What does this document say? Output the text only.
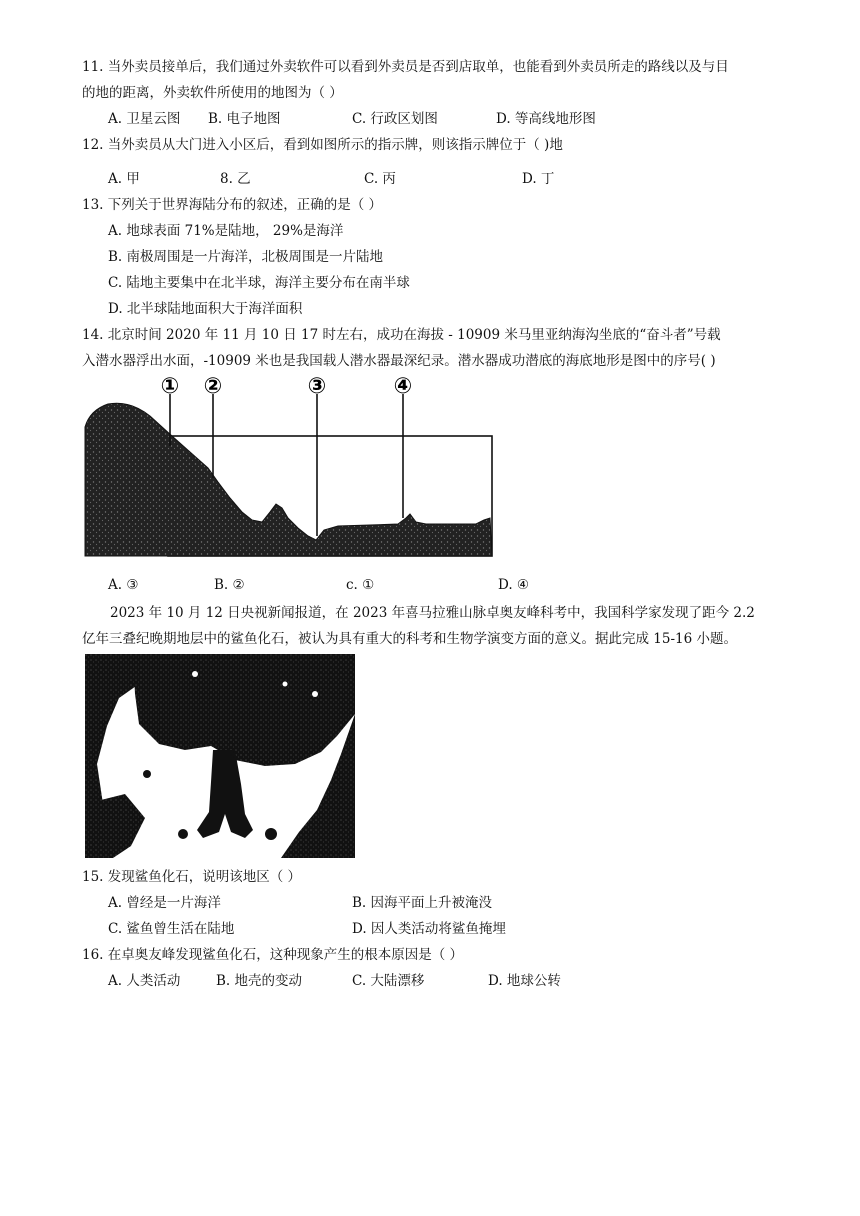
11. 当外卖员接单后，我们通过外卖软件可以看到外卖员是否到店取单，也能看到外卖员所走的路线以及与目
的地的距离，外卖软件所使用的地图为（ ）
A. 卫星云图 B. 电子地图	C. 行政区划图	D. 等高线地形图
12. 当外卖员从大门进入小区后，看到如图所示的指示牌，则该指示牌位于（ )地
A. 甲	8. 乙	C. 丙	D. 丁
13. 下列关于世界海陆分布的叙述，正确的是（ ）
A. 地球表面 71%是陆地， 29%是海洋
B. 南极周围是一片海洋，北极周围是一片陆地
C. 陆地主要集中在北半球，海洋主要分布在南半球
D. 北半球陆地面积大于海洋面积
14. 北京时间 2020 年 11 月 10 日 17 时左右，成功在海拔 - 10909 米马里亚纳海沟坐底的“奋斗者”号载
入潜水器浮出水面，-10909 米也是我国载人潜水器最深纪录。潜水器成功潜底的海底地形是图中的序号( )
① ②	③	④
A. ③	B. ②	c. ①	D. ④
2023 年 10 月 12 日央视新闻报道，在 2023 年喜马拉雅山脉卓奥友峰科考中，我国科学家发现了距今 2.2
亿年三叠纪晚期地层中的鲨鱼化石，被认为具有重大的科考和生物学演变方面的意义。据此完成 15-16 小题。
15. 发现鲨鱼化石，说明该地区（ ）
A. 曾经是一片海洋	B. 因海平面上升被淹没
C. 鲨鱼曾生活在陆地	D. 因人类活动将鲨鱼掩埋
16. 在卓奥友峰发现鲨鱼化石，这种现象产生的根本原因是（ ）
A. 人类活动	B. 地壳的变动	C. 大陆漂移	D. 地球公转
